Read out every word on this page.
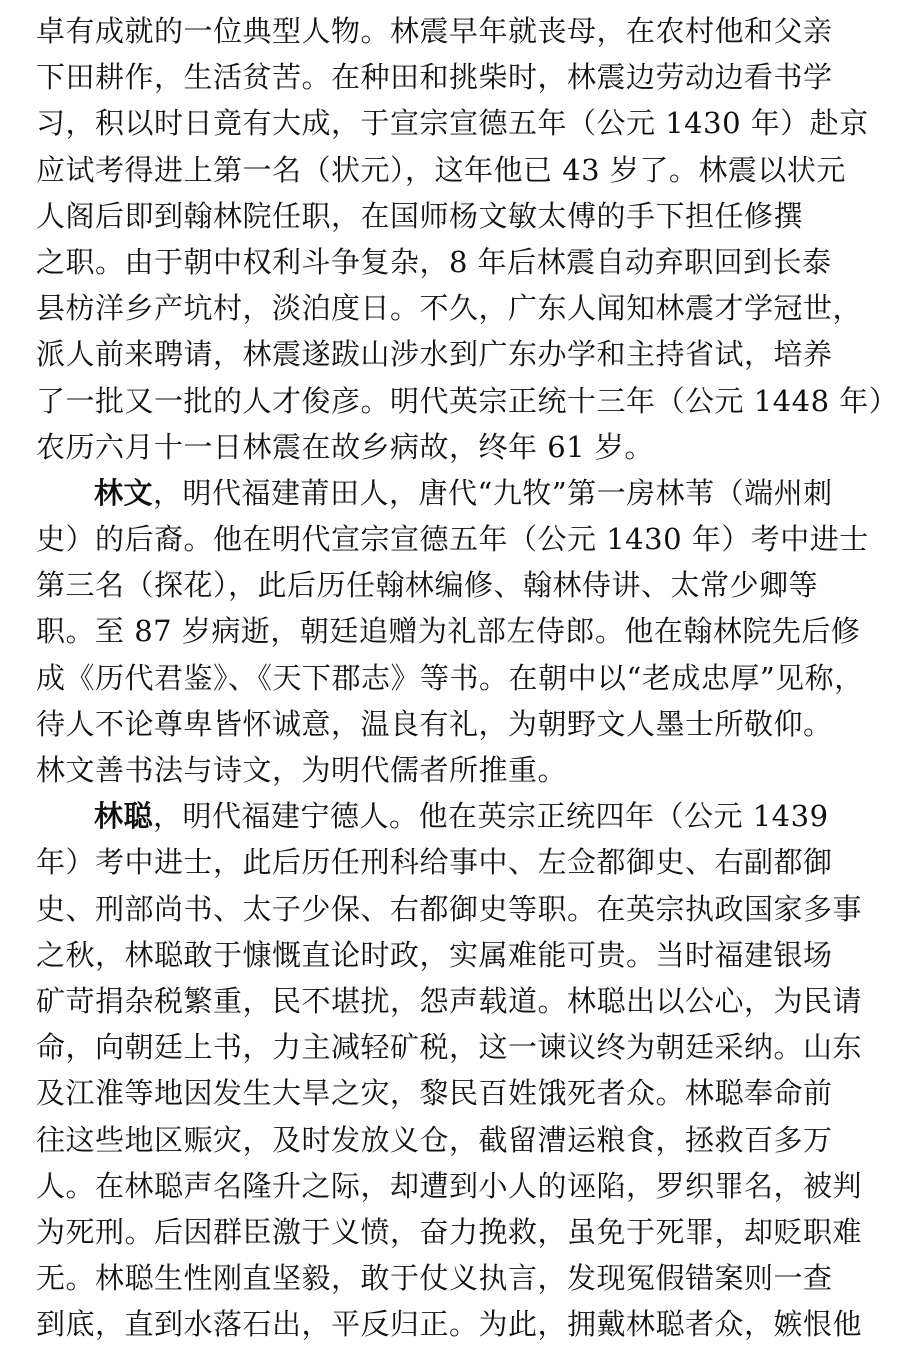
卓有成就的一位典型人物。林震早年就丧母，在农村他和父亲
下田耕作，生活贫苦。在种田和挑柴时，林震边劳动边看书学
习，积以时日竟有大成，于宣宗宣德五年（公元 1430 年）赴京
应试考得进上第一名（状元），这年他已 43 岁了。林震以状元
人阁后即到翰林院任职，在国师杨文敏太傅的手下担任修撰
之职。由于朝中权利斗争复杂，8 年后林震自动弃职回到长泰
县枋洋乡产坑村，淡泊度日。不久，广东人闻知林震才学冠世，
派人前来聘请，林震遂跋山涉水到广东办学和主持省试，培养
了一批又一批的人才俊彦。明代英宗正统十三年（公元 1448 年）
农历六月十一日林震在故乡病故，终年 61 岁。
林文，明代福建莆田人，唐代“九牧”第一房林苇（端州刺
史）的后裔。他在明代宣宗宣德五年（公元 1430 年）考中进士
第三名（探花），此后历任翰林编修、翰林侍讲、太常少卿等
职。至 87 岁病逝，朝廷追赠为礼部左侍郎。他在翰林院先后修
成《历代君鉴》、《天下郡志》等书。在朝中以“老成忠厚”见称，
待人不论尊卑皆怀诚意，温良有礼，为朝野文人墨士所敬仰。
林文善书法与诗文，为明代儒者所推重。
林聪，明代福建宁德人。他在英宗正统四年（公元 1439
年）考中进士，此后历任刑科给事中、左佥都御史、右副都御
史、刑部尚书、太子少保、右都御史等职。在英宗执政国家多事
之秋，林聪敢于慷慨直论时政，实属难能可贵。当时福建银场
矿苛捐杂税繁重，民不堪扰，怨声载道。林聪出以公心，为民请
命，向朝廷上书，力主减轻矿税，这一谏议终为朝廷采纳。山东
及江淮等地因发生大旱之灾，黎民百姓饿死者众。林聪奉命前
往这些地区赈灾，及时发放义仓，截留漕运粮食，拯救百多万
人。在林聪声名隆升之际，却遭到小人的诬陷，罗织罪名，被判
为死刑。后因群臣激于义愤，奋力挽救，虽免于死罪，却贬职难
无。林聪生性刚直坚毅，敢于仗义执言，发现冤假错案则一查
到底，直到水落石出，平反归正。为此，拥戴林聪者众，嫉恨他
